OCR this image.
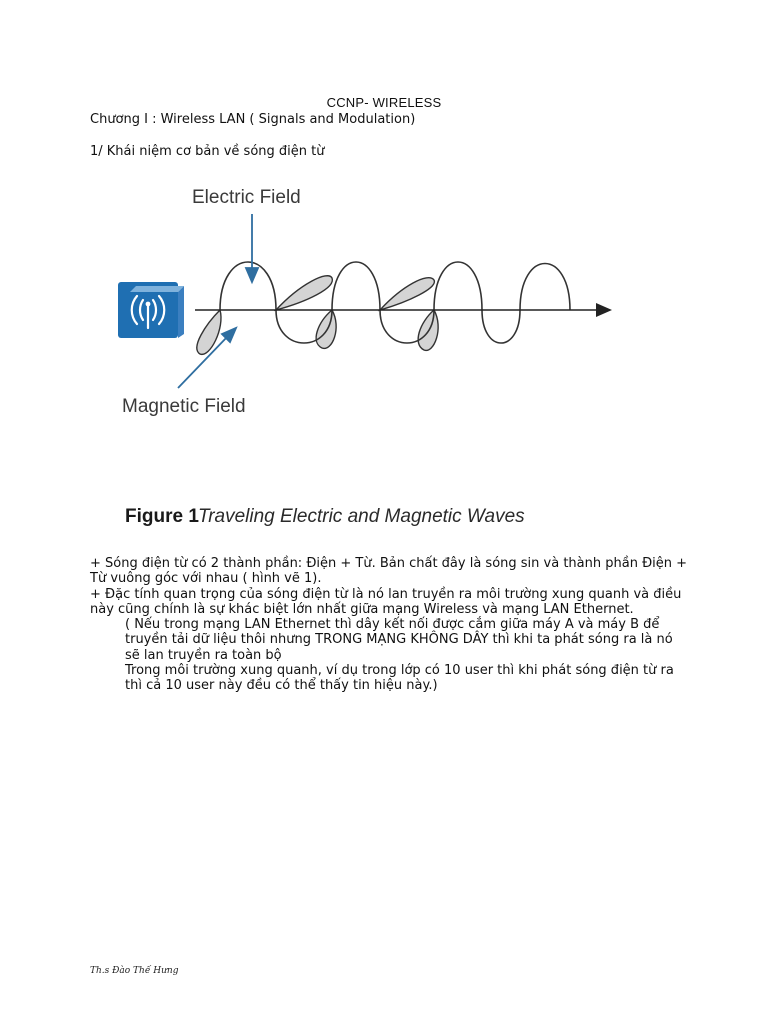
CCNP- WIRELESS
Chương I : Wireless LAN ( Signals and Modulation)
1/ Khái niệm cơ bản về sóng điện từ
Electric Field
Magnetic Field
Figure 1 Traveling Electric and Magnetic Waves

+ Sóng điện từ có 2 thành phần: Điện + Từ. Bản chất đây là sóng sin và thành phần Điện + Từ vuông góc với nhau ( hình vẽ 1).

+ Đặc tính quan trọng của sóng điện từ là nó lan truyền ra môi trường xung quanh và điều này cũng chính là sự khác biệt lớn nhất giữa mạng Wireless và mạng LAN Ethernet.

( Nếu trong mạng LAN Ethernet thì dây kết nối được cắm giữa máy A và máy B để truyền tải dữ liệu thôi nhưng TRONG MẠNG KHÔNG DÂY thì khi ta phát sóng ra là nó sẽ lan truyền ra toàn bộ

Trong môi trường xung quanh, ví dụ trong lớp có 10 user thì khi phát sóng điện từ ra thì cả 10 user này đều có thể thấy tin hiệu này.)

Th.s Đào Thế Hưng
